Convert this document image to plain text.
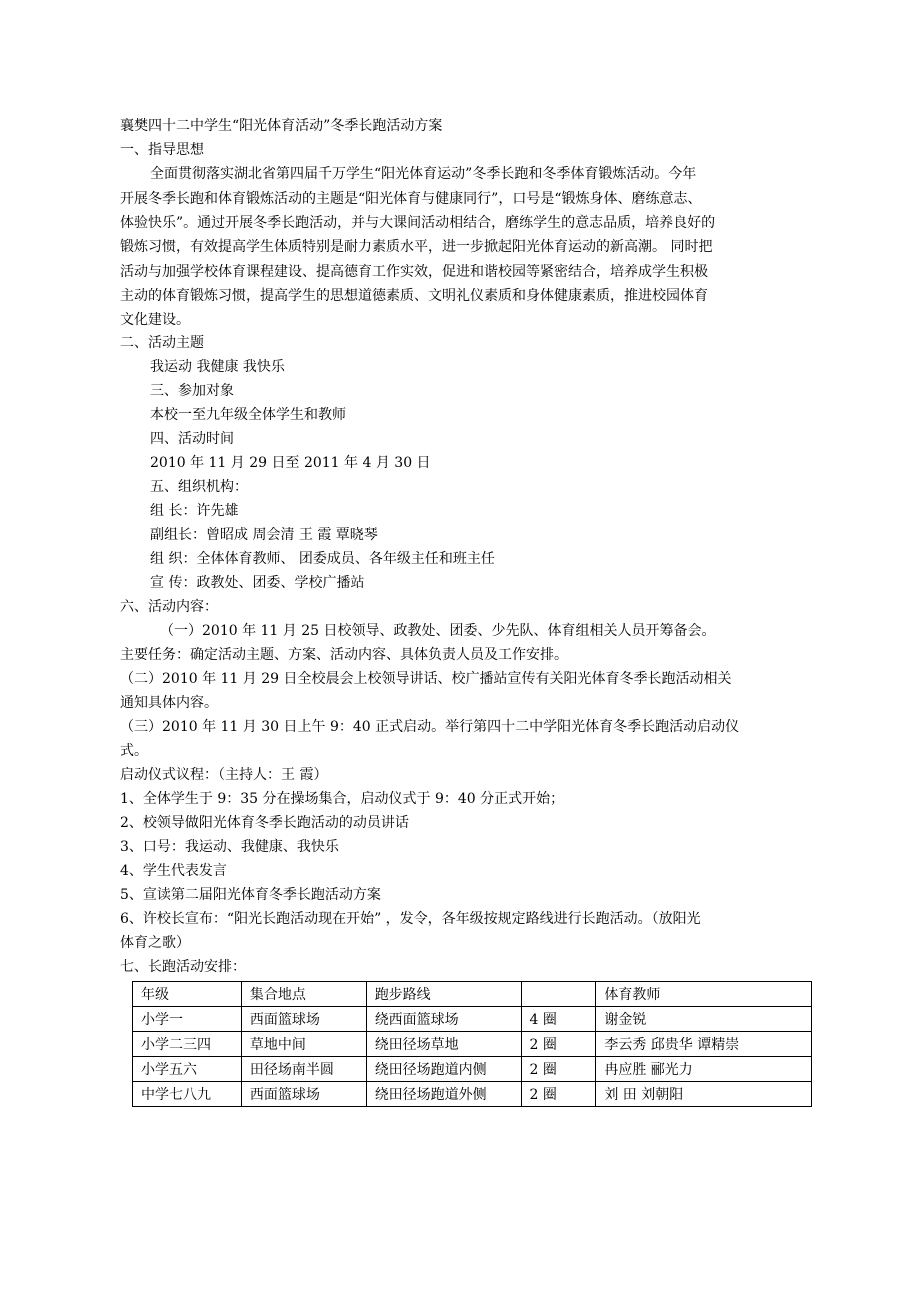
襄樊四十二中学生“阳光体育活动”冬季长跑活动方案
一、指导思想
全面贯彻落实湖北省第四届千万学生“阳光体育运动”冬季长跑和冬季体育锻炼活动。今年
开展冬季长跑和体育锻炼活动的主题是“阳光体育与健康同行”，口号是“锻炼身体、磨练意志、
体验快乐”。通过开展冬季长跑活动，并与大课间活动相结合，磨练学生的意志品质，培养良好的
锻炼习惯，有效提高学生体质特别是耐力素质水平，进一步掀起阳光体育运动的新高潮。 同时把
活动与加强学校体育课程建设、提高德育工作实效，促进和谐校园等紧密结合，培养成学生积极
主动的体育锻炼习惯，提高学生的思想道德素质、文明礼仪素质和身体健康素质，推进校园体育
文化建设。
二、活动主题
我运动 我健康 我快乐
三、参加对象
本校一至九年级全体学生和教师
四、活动时间
2010 年 11 月 29 日至 2011 年 4 月 30 日
五、组织机构：
组 长：许先雄
副组长：曾昭成 周会清 王 霞 覃晓琴
组 织：全体体育教师、 团委成员、各年级主任和班主任
宣 传：政教处、团委、学校广播站
六、活动内容：
（一）2010 年 11 月 25 日校领导、政教处、团委、少先队、体育组相关人员开筹备会。
主要任务：确定活动主题、方案、活动内容、具体负责人员及工作安排。
（二）2010 年 11 月 29 日全校晨会上校领导讲话、校广播站宣传有关阳光体育冬季长跑活动相关
通知具体内容。
（三）2010 年 11 月 30 日上午 9：40 正式启动。举行第四十二中学阳光体育冬季长跑活动启动仪
式。
启动仪式议程：（主持人：王 霞）
1、全体学生于 9：35 分在操场集合，启动仪式于 9：40 分正式开始；
2、校领导做阳光体育冬季长跑活动的动员讲话
3、口号：我运动、我健康、我快乐
4、学生代表发言
5、宣读第二届阳光体育冬季长跑活动方案
6、许校长宣布：“阳光长跑活动现在开始” ，发令，各年级按规定路线进行长跑活动。（放阳光
体育之歌）
七、长跑活动安排：
年级	集合地点	跑步路线		体育教师
小学一	西面篮球场	绕西面篮球场	4 圈	谢金锐
小学二三四	草地中间	绕田径场草地	2 圈	李云秀 邱贵华 谭精崇
小学五六	田径场南半圆	绕田径场跑道内侧	2 圈	冉应胜 郦光力
中学七八九	西面篮球场	绕田径场跑道外侧	2 圈	刘 田 刘朝阳
